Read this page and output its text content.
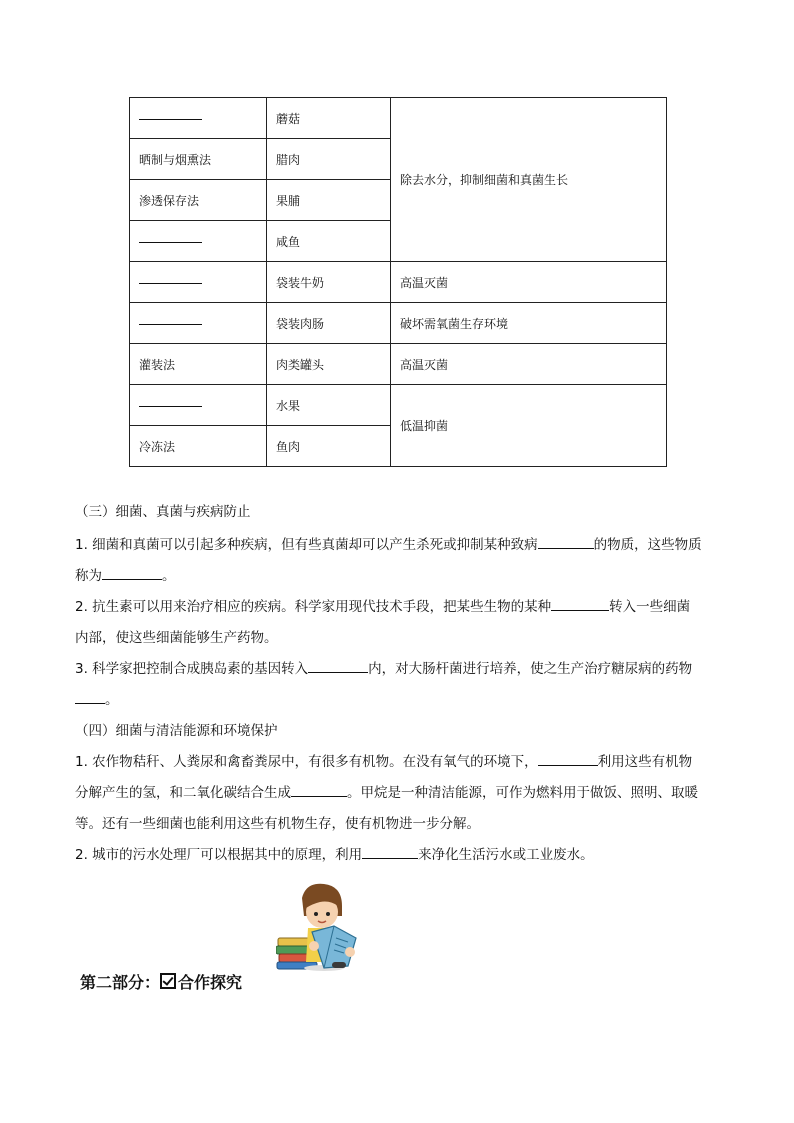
	蘑菇	除去水分，抑制细菌和真菌生长
晒制与烟熏法	腊肉	
渗透保存法	果脯	
	咸鱼	
	袋装牛奶	高温灭菌
	袋装肉肠	破坏需氧菌生存环境
灌装法	肉类罐头	高温灭菌
	水果	低温抑菌
冷冻法	鱼肉	
（三）细菌、真菌与疾病防止
1. 细菌和真菌可以引起多种疾病，但有些真菌却可以产生杀死或抑制某种致病	的物质，这些物质
称为	。
2. 抗生素可以用来治疗相应的疾病。科学家用现代技术手段，把某些生物的某种	转入一些细菌
内部，使这些细菌能够生产药物。
3. 科学家把控制合成胰岛素的基因转入	内，对大肠杆菌进行培养，使之生产治疗糖尿病的药物
。
（四）细菌与清洁能源和环境保护
1. 农作物秸秆、人粪尿和禽畜粪尿中，有很多有机物。在没有氧气的环境下，	利用这些有机物
分解产生的氢，和二氧化碳结合生成	。甲烷是一种清洁能源，可作为燃料用于做饭、照明、取暖
等。还有一些细菌也能利用这些有机物生存，使有机物进一步分解。
2. 城市的污水处理厂可以根据其中的原理，利用	来净化生活污水或工业废水。
第二部分： 合作探究
